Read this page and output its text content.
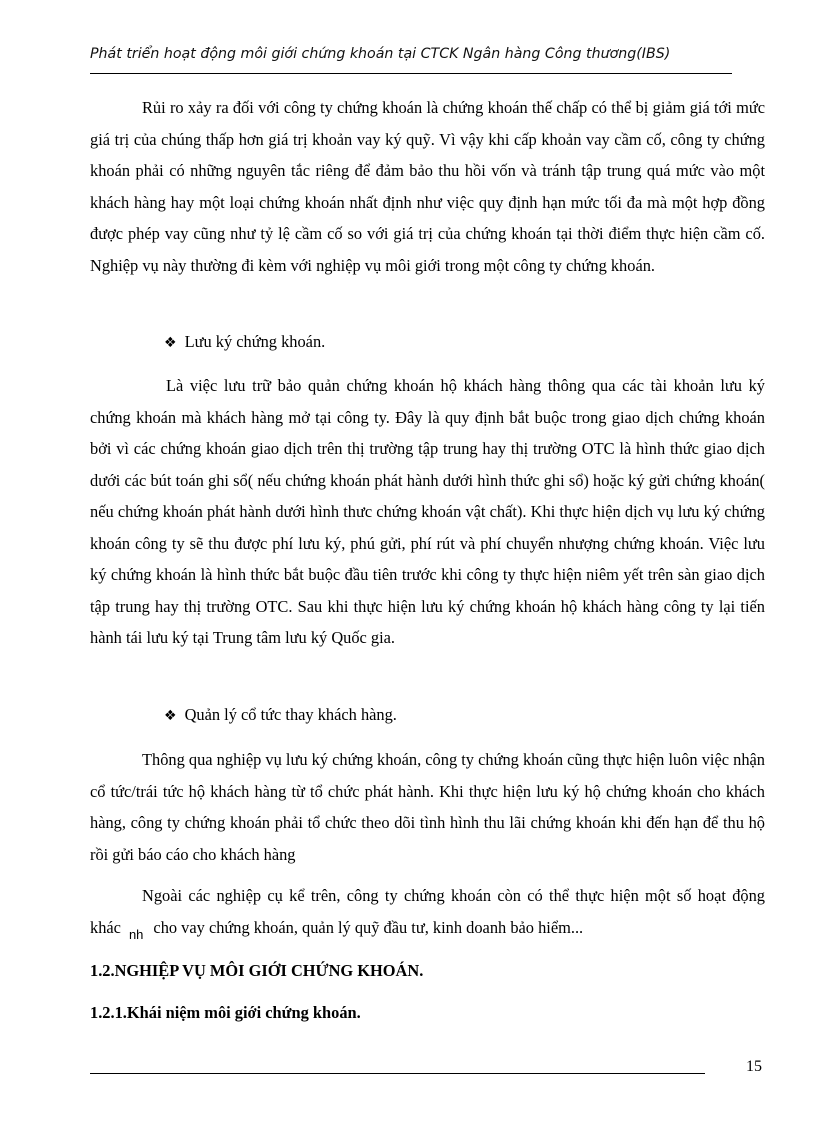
Phát triển hoạt động môi giới chứng khoán tại CTCK Ngân hàng Công thương(IBS)

Rủi ro xảy ra đối với công ty chứng khoán là chứng khoán thế chấp có thể bị giảm giá tới mức giá trị của chúng thấp hơn giá trị khoản vay ký quỹ. Vì vậy khi cấp khoản vay cầm cố, công ty chứng khoán phải có những nguyên tắc riêng để đảm bảo thu hồi vốn và tránh tập trung quá mức vào một khách hàng hay một loại chứng khoán nhất định như việc quy định hạn mức tối đa mà một hợp đồng được phép vay cũng như tỷ lệ cầm cố so với giá trị của chứng khoán tại thời điểm thực hiện cầm cố. Nghiệp vụ này thường đi kèm với nghiệp vụ môi giới trong một công ty chứng khoán.

❖ Lưu ký chứng khoán.

Là việc lưu trữ bảo quản chứng khoán hộ khách hàng thông qua các tài khoản lưu ký chứng khoán mà khách hàng mở tại công ty. Đây là quy định bắt buộc trong giao dịch chứng khoán bởi vì các chứng khoán giao dịch trên thị trường tập trung hay thị trường OTC là hình thức giao dịch dưới các bút toán ghi sổ( nếu chứng khoán phát hành dưới hình thức ghi sổ) hoặc ký gửi chứng khoán( nếu chứng khoán phát hành dưới hình thưc chứng khoán vật chất). Khi thực hiện dịch vụ lưu ký chứng khoán công ty sẽ thu được phí lưu ký, phú gửi, phí rút và phí chuyển nhượng chứng khoán. Việc lưu ký chứng khoán là hình thức bắt buộc đầu tiên trước khi công ty thực hiện niêm yết trên sàn giao dịch tập trung hay thị trường OTC. Sau khi thực hiện lưu ký chứng khoán hộ khách hàng công ty lại tiến hành tái lưu ký tại Trung tâm lưu ký Quốc gia.

❖ Quản lý cổ tức thay khách hàng.

Thông qua nghiệp vụ lưu ký chứng khoán, công ty chứng khoán cũng thực hiện luôn việc nhận cổ tức/trái tức hộ khách hàng từ tổ chức phát hành. Khi thực hiện lưu ký hộ chứng khoán cho khách hàng, công ty chứng khoán phải tổ chức theo dõi tình hình thu lãi chứng khoán khi đến hạn để thu hộ rồi gửi báo cáo cho khách hàng

Ngoài các nghiệp cụ kể trên, công ty chứng khoán còn có thể thực hiện một số hoạt động khác $_{nh}$ cho vay chứng khoán, quản lý quỹ đầu tư, kinh doanh bảo hiểm...

1.2.NGHIỆP VỤ MÔI GIỚI CHỨNG KHOÁN.
1.2.1.Khái niệm môi giới chứng khoán.
15
